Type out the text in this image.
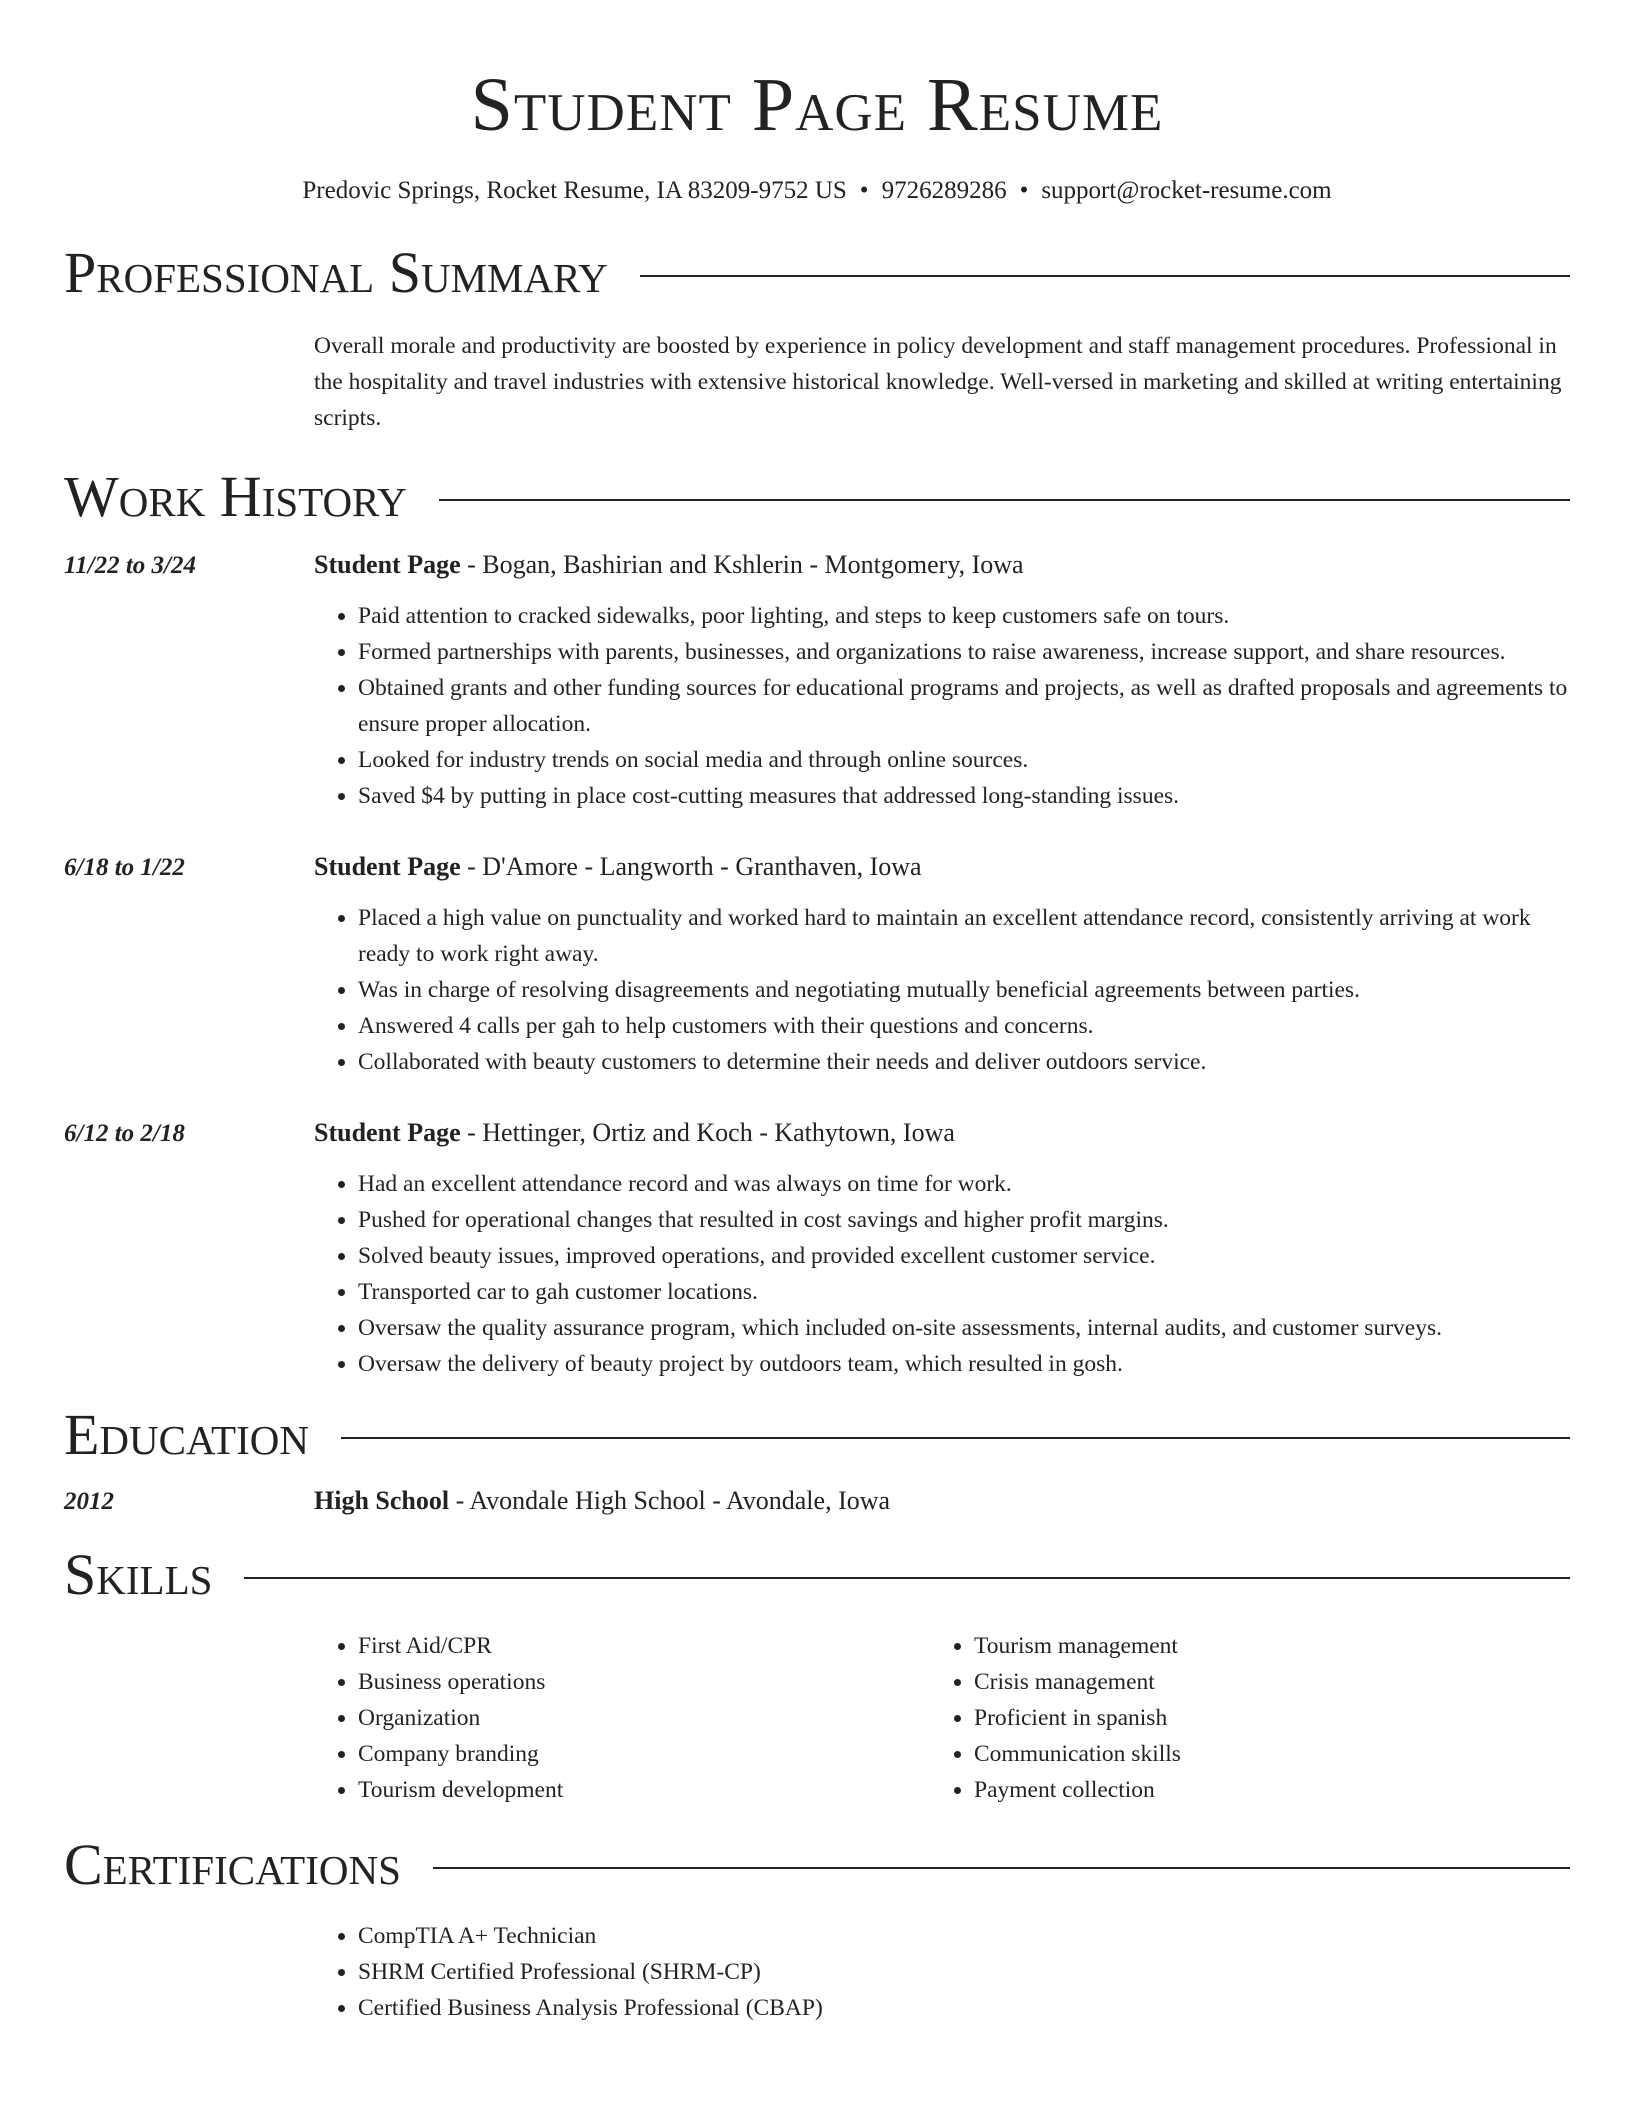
Student Page Resume
Predovic Springs, Rocket Resume, IA 83209-9752 US • 9726289286 • support@rocket-resume.com
Professional Summary

Overall morale and productivity are boosted by experience in policy development and staff management procedures. Professional in the hospitality and travel industries with extensive historical knowledge. Well-versed in marketing and skilled at writing entertaining scripts.

Work History
11/22 to 3/24	Student Page - Bogan, Bashirian and Kshlerin - Montgomery, Iowa
• Paid attention to cracked sidewalks, poor lighting, and steps to keep customers safe on tours.
• Formed partnerships with parents, businesses, and organizations to raise awareness, increase support, and share resources.
• Obtained grants and other funding sources for educational programs and projects, as well as drafted proposals and agreements to ensure proper allocation.
• Looked for industry trends on social media and through online sources.
• Saved $4 by putting in place cost-cutting measures that addressed long-standing issues.
6/18 to 1/22	Student Page - D'Amore - Langworth - Granthaven, Iowa
• Placed a high value on punctuality and worked hard to maintain an excellent attendance record, consistently arriving at work ready to work right away.
• Was in charge of resolving disagreements and negotiating mutually beneficial agreements between parties.
• Answered 4 calls per gah to help customers with their questions and concerns.
• Collaborated with beauty customers to determine their needs and deliver outdoors service.
6/12 to 2/18	Student Page - Hettinger, Ortiz and Koch - Kathytown, Iowa
• Had an excellent attendance record and was always on time for work.
• Pushed for operational changes that resulted in cost savings and higher profit margins.
• Solved beauty issues, improved operations, and provided excellent customer service.
• Transported car to gah customer locations.
• Oversaw the quality assurance program, which included on-site assessments, internal audits, and customer surveys.
• Oversaw the delivery of beauty project by outdoors team, which resulted in gosh.
Education
2012	High School - Avondale High School - Avondale, Iowa
Skills
• First Aid/CPR
• Business operations
• Organization
• Company branding
• Tourism development
• Tourism management
• Crisis management
• Proficient in spanish
• Communication skills
• Payment collection
Certifications
• CompTIA A+ Technician
• SHRM Certified Professional (SHRM-CP)
• Certified Business Analysis Professional (CBAP)
